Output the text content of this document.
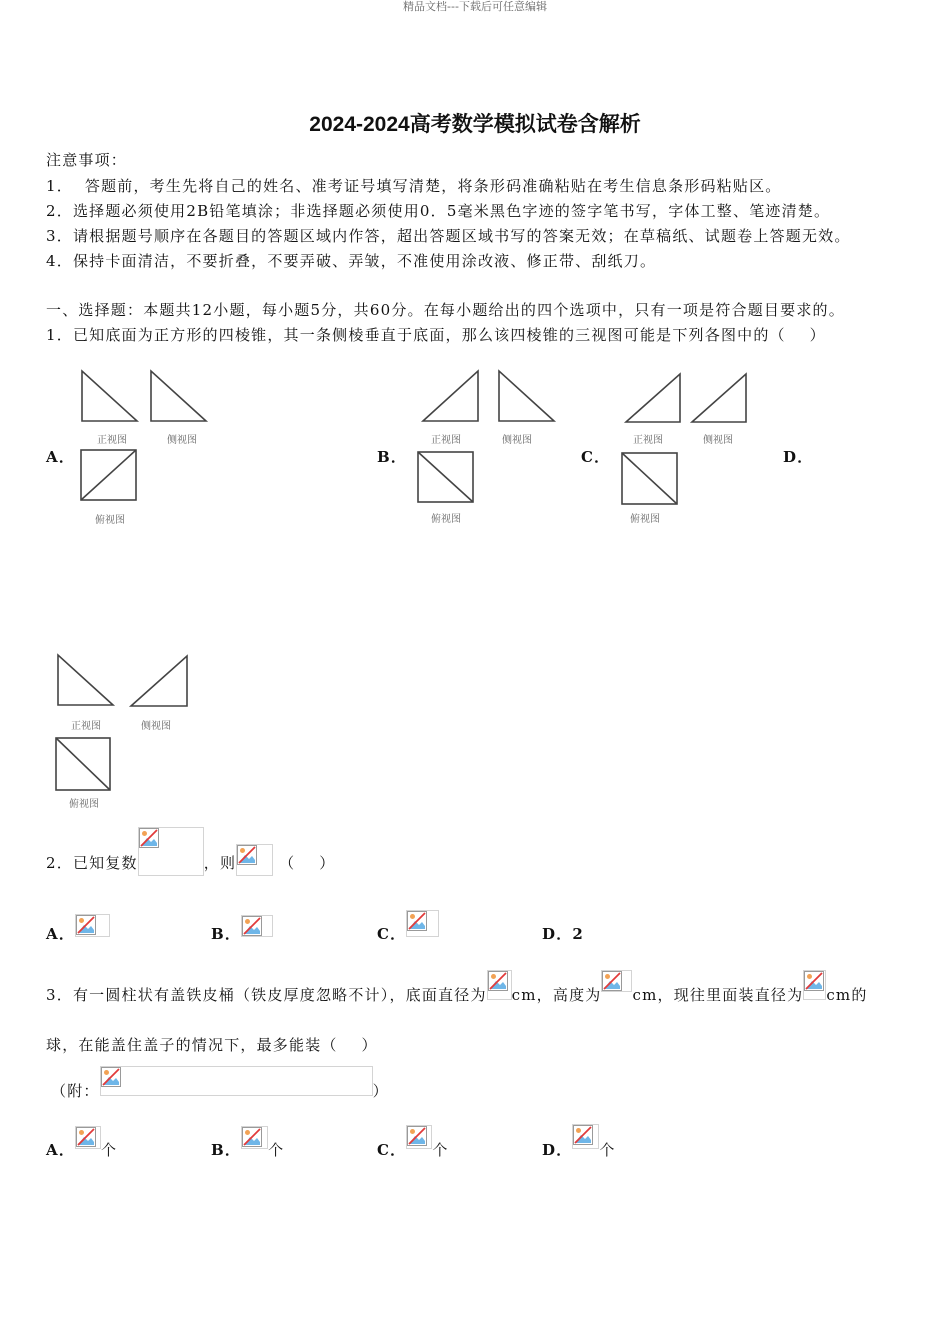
精品文档---下载后可任意编辑
2024-2024高考数学模拟试卷含解析
注意事项：
1．  答题前，考生先将自己的姓名、准考证号填写清楚，将条形码准确粘贴在考生信息条形码粘贴区。
2．选择题必须使用2B铅笔填涂；非选择题必须使用0．5毫米黑色字迹的签字笔书写，字体工整、笔迹清楚。
3．请根据题号顺序在各题目的答题区域内作答，超出答题区域书写的答案无效；在草稿纸、试题卷上答题无效。
4．保持卡面清洁，不要折叠，不要弄破、弄皱，不准使用涂改液、修正带、刮纸刀。
一、选择题：本题共12小题，每小题5分，共60分。在每小题给出的四个选项中，只有一项是符合题目要求的。
1．已知底面为正方形的四棱锥，其一条侧棱垂直于底面，那么该四棱锥的三视图可能是下列各图中的（    ）
A．	B．	C．	D．
正视图	侧视图
俯视图
正视图	侧视图
俯视图
正视图	侧视图
俯视图
正视图	侧视图
俯视图
2．已知复数

	，则

	（    ）
A．

	B．

	C．

	D．2
3．有一圆柱状有盖铁皮桶（铁皮厚度忽略不计），底面直径为

cm，高度为

cm，现往里面装直径为

cm的
球，在能盖住盖子的情况下，最多能装（    ）
（附：

	）
A．

个	B．

个	C．

个	D．

个
